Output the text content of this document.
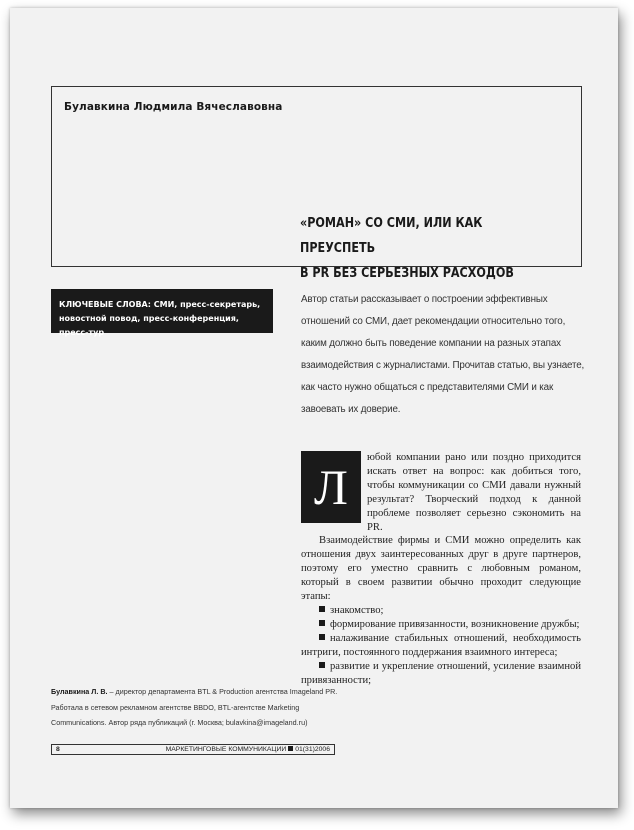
Булавкина Людмила Вячеславовна
«РОМАН» СО СМИ, ИЛИ КАК ПРЕУСПЕТЬ
В PR БЕЗ СЕРЬЕЗНЫХ РАСХОДОВ
КЛЮЧЕВЫЕ СЛОВА: СМИ, пресс-секретарь, новостной повод, пресс-конференция, пресс-тур
Автор статьи рассказывает о построении эффективных отношений со СМИ, дает рекомендации относительно того, каким должно быть поведение компании на разных этапах взаимодействия с журналистами. Прочитав статью, вы узнаете, как часто нужно общаться с представителями СМИ и как завоевать их доверие.
Л

юбой компании рано или поздно приходится искать ответ на вопрос: как добиться того, чтобы коммуникации со СМИ давали нужный результат? Творческий подход к данной проблеме позволяет серьезно сэкономить на PR.

Взаимодействие фирмы и СМИ можно определить как отношения двух заинтересованных друг в друге партнеров, поэтому его уместно сравнить с любовным романом, который в своем развитии обычно проходит следующие этапы:

знакомство;
формирование привязанности, возникновение дружбы;
налаживание стабильных отношений, необходимость интриги, постоянного поддержания взаимного интереса;
развитие и укрепление отношений, усиление взаимной привязанности;
Булавкина Л. В. – директор департамента BTL & Production агентства Imageland PR. Работала в сетевом рекламном агентстве BBDO, BTL-агентстве Marketing Communications. Автор ряда публикаций (г. Москва; bulavkina@imageland.ru)
8	МАРКЕТИНГОВЫЕ КОММУНИКАЦИИ 01(31)2006
